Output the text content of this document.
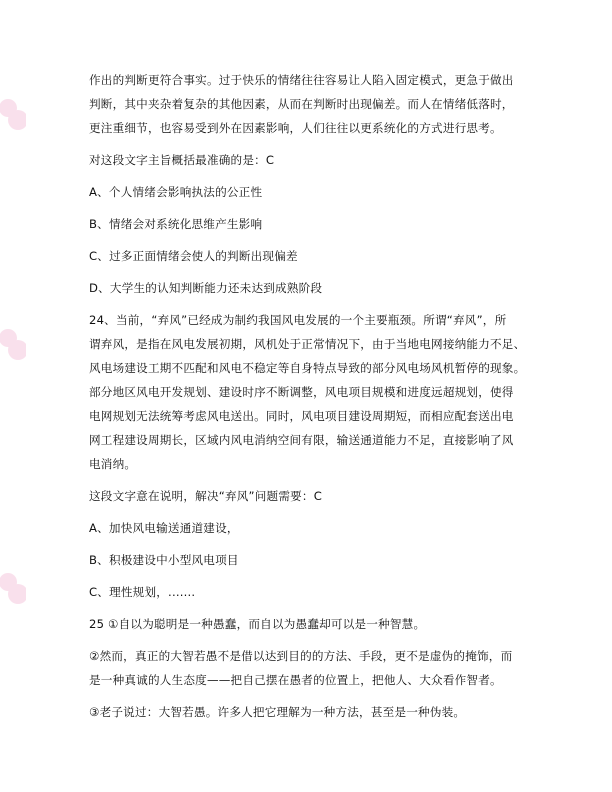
作出的判断更符合事实。过于快乐的情绪往往容易让人陷入固定模式，更急于做出

判断，其中夹杂着复杂的其他因素，从而在判断时出现偏差。而人在情绪低落时，

更注重细节，也容易受到外在因素影响，人们往往以更系统化的方式进行思考。

对这段文字主旨概括最准确的是：C

A、个人情绪会影响执法的公正性

B、情绪会对系统化思维产生影响

C、过多正面情绪会使人的判断出现偏差

D、大学生的认知判断能力还未达到成熟阶段

24、当前，“弃风”已经成为制约我国风电发展的一个主要瓶颈。所谓“弃风”，所

谓弃风，是指在风电发展初期，风机处于正常情况下，由于当地电网接纳能力不足、

风电场建设工期不匹配和风电不稳定等自身特点导致的部分风电场风机暂停的现象。

部分地区风电开发规划、建设时序不断调整，风电项目规模和进度远超规划，使得

电网规划无法统筹考虑风电送出。同时，风电项目建设周期短，而相应配套送出电

网工程建设周期长，区域内风电消纳空间有限，输送通道能力不足，直接影响了风

电消纳。

这段文字意在说明，解决“弃风”问题需要：C

A、加快风电输送通道建设，

B、积极建设中小型风电项目

C、理性规划，.......

25 ①自以为聪明是一种愚蠢，而自以为愚蠢却可以是一种智慧。

②然而，真正的大智若愚不是借以达到目的的方法、手段，更不是虚伪的掩饰，而

是一种真诚的人生态度——把自己摆在愚者的位置上，把他人、大众看作智者。

③老子说过：大智若愚。许多人把它理解为一种方法，甚至是一种伪装。
